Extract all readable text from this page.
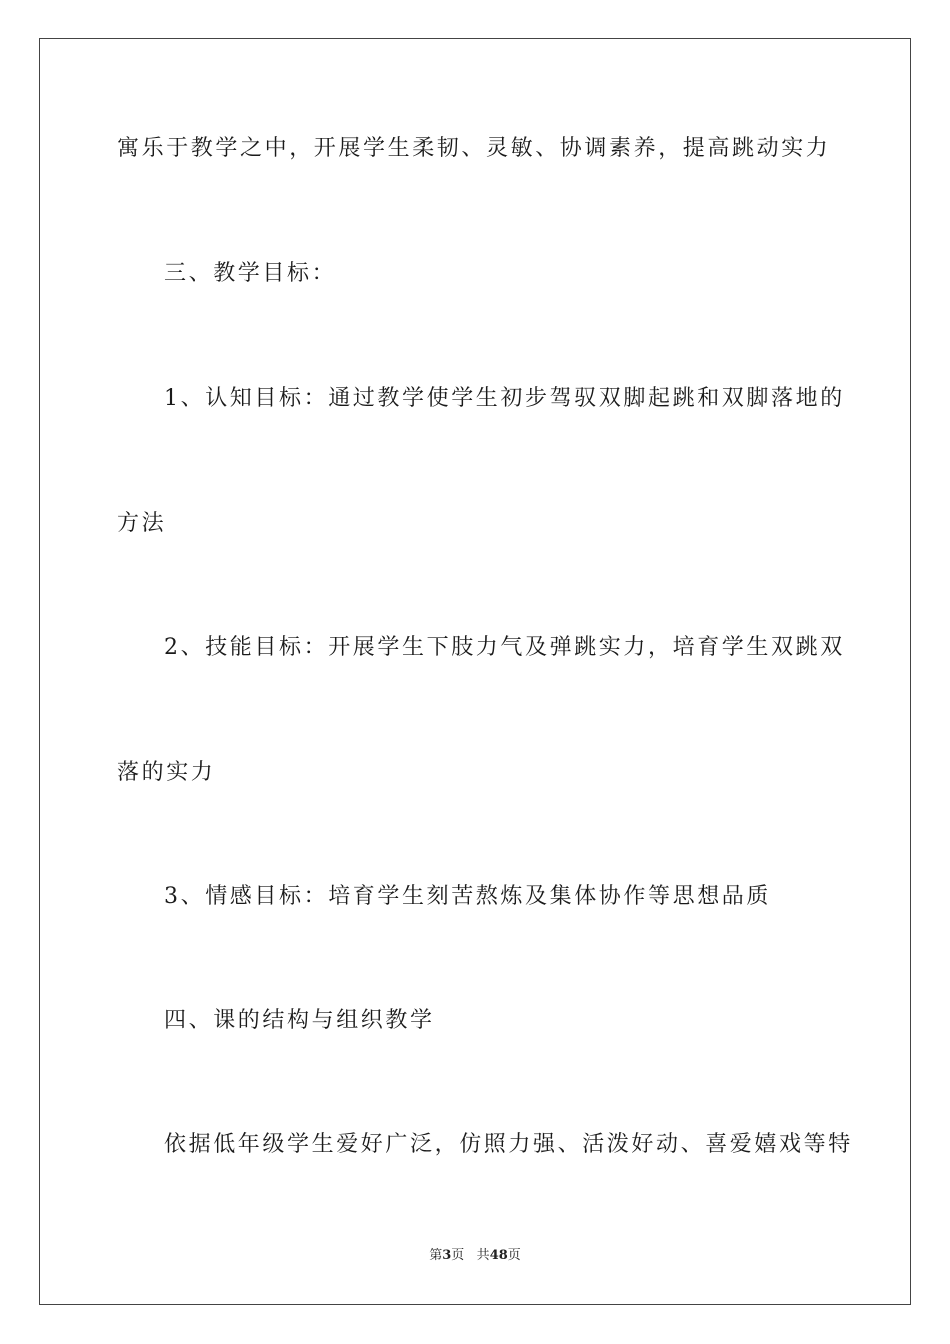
寓乐于教学之中，开展学生柔韧、灵敏、协调素养，提高跳动实力
三、教学目标：
1、认知目标：通过教学使学生初步驾驭双脚起跳和双脚落地的
方法
2、技能目标：开展学生下肢力气及弹跳实力，培育学生双跳双
落的实力
3、情感目标：培育学生刻苦熬炼及集体协作等思想品质
四、课的结构与组织教学
依据低年级学生爱好广泛，仿照力强、活泼好动、喜爱嬉戏等特
第3页 共48页
